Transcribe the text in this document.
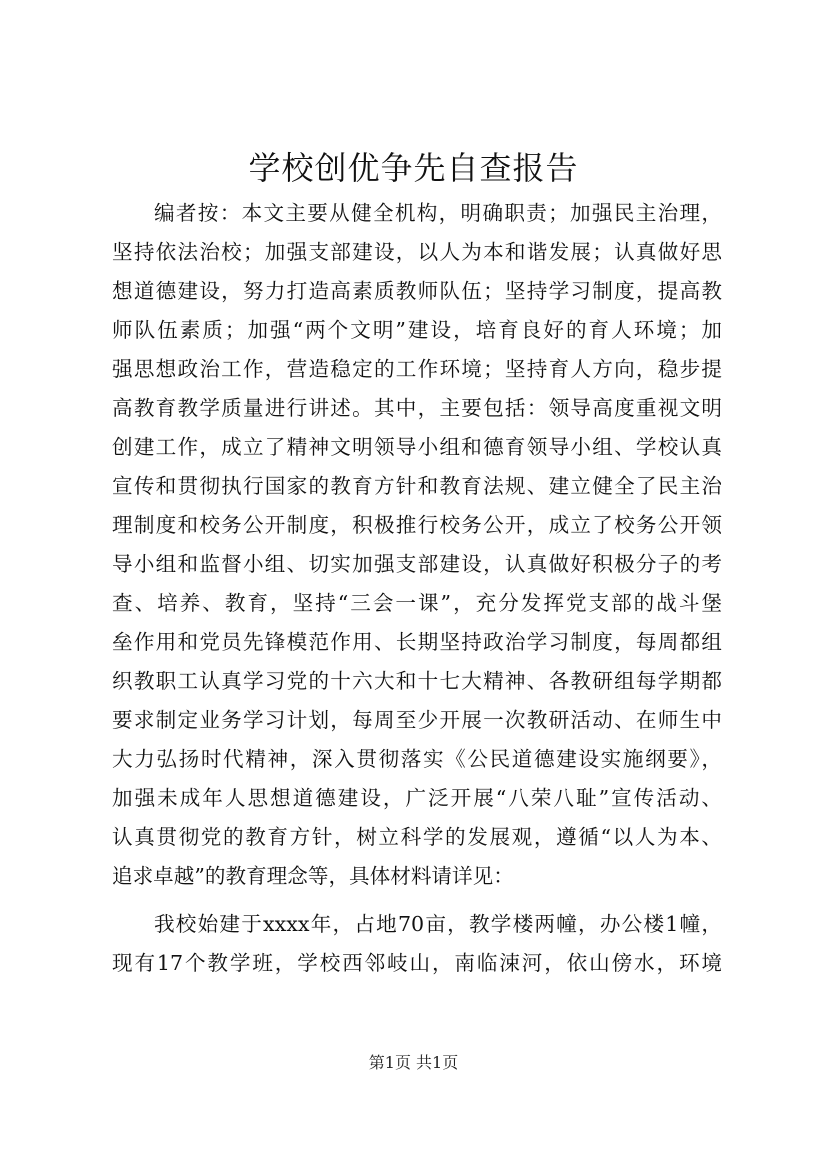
学校创优争先自查报告
编者按：本文主要从健全机构，明确职责；加强民主治理，
坚持依法治校；加强支部建设，以人为本和谐发展；认真做好思
想道德建设，努力打造高素质教师队伍；坚持学习制度，提高教
师队伍素质；加强“两个文明”建设，培育良好的育人环境；加
强思想政治工作，营造稳定的工作环境；坚持育人方向，稳步提
高教育教学质量进行讲述。其中，主要包括：领导高度重视文明
创建工作，成立了精神文明领导小组和德育领导小组、学校认真
宣传和贯彻执行国家的教育方针和教育法规、建立健全了民主治
理制度和校务公开制度，积极推行校务公开，成立了校务公开领
导小组和监督小组、切实加强支部建设，认真做好积极分子的考
查、培养、教育，坚持“三会一课”，充分发挥党支部的战斗堡
垒作用和党员先锋模范作用、长期坚持政治学习制度，每周都组
织教职工认真学习党的十六大和十七大精神、各教研组每学期都
要求制定业务学习计划，每周至少开展一次教研活动、在师生中
大力弘扬时代精神，深入贯彻落实《公民道德建设实施纲要》，
加强未成年人思想道德建设，广泛开展“八荣八耻”宣传活动、
认真贯彻党的教育方针，树立科学的发展观，遵循“以人为本、
追求卓越”的教育理念等，具体材料请详见：
我校始建于xxxx年，占地70亩，教学楼两幢，办公楼1幢，
现有17个教学班，学校西邻岐山，南临涑河，依山傍水，环境
第1页 共1页
